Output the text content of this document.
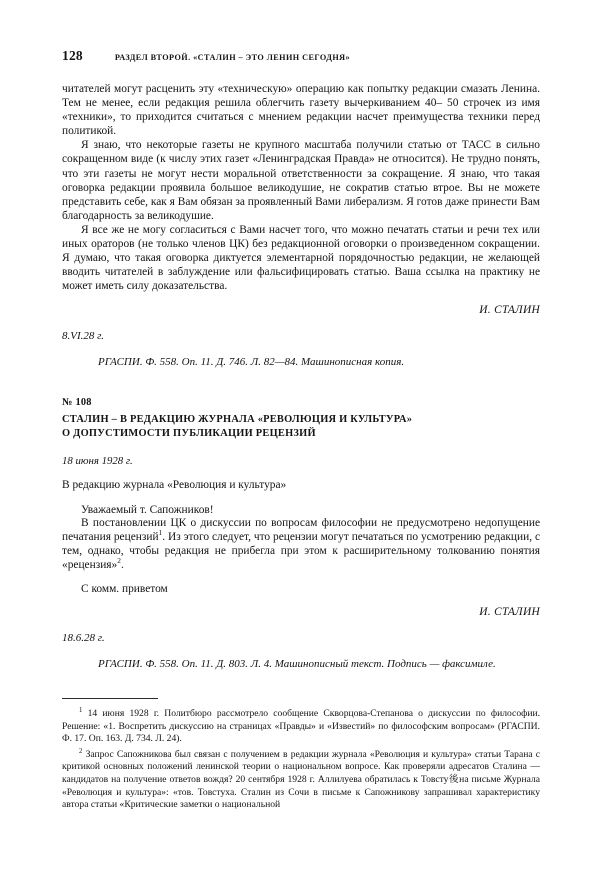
128	РАЗДЕЛ ВТОРОЙ. «СТАЛИН – ЭТО ЛЕНИН СЕГОДНЯ»

читателей могут расценить эту «техническую» операцию как попытку редакции смазать Ленина. Тем не менее, если редакция решила облегчить газету вычеркиванием 40– 50 строчек из имя «техники», то приходится считаться с мнением редакции насчет преимущества техники перед политикой.

Я знаю, что некоторые газеты не крупного масштаба получили статью от ТАСС в сильно сокращенном виде (к числу этих газет «Ленинградская Правда» не относится). Не трудно понять, что эти газеты не могут нести моральной ответственности за сокращение. Я знаю, что такая оговорка редакции проявила большое великодушие, не сократив статью втрое. Вы не можете представить себе, как я Вам обязан за проявленный Вами либерализм. Я готов даже принести Вам благодарность за великодушие.

Я все же не могу согласиться с Вами насчет того, что можно печатать статьи и речи тех или иных ораторов (не только членов ЦК) без редакционной оговорки о произведенном сокращении. Я думаю, что такая оговорка диктуется элементарной порядочностью редакции, не желающей вводить читателей в заблуждение или фальсифицировать статью. Ваша ссылка на практику не может иметь силу доказательства.

И. СТАЛИН
8.VI.28 г.
РГАСПИ. Ф. 558. Оп. 11. Д. 746. Л. 82—84. Машинописная копия.
№ 108
СТАЛИН – В РЕДАКЦИЮ ЖУРНАЛА «РЕВОЛЮЦИЯ И КУЛЬТУРА»
О ДОПУСТИМОСТИ ПУБЛИКАЦИИ РЕЦЕНЗИЙ
18 июня 1928 г.
В редакцию журнала «Революция и культура»
Уважаемый т. Сапожников!

В постановлении ЦК о дискуссии по вопросам философии не предусмотрено недопущение печатания рецензий$^1$. Из этого следует, что рецензии могут печататься по усмотрению редакции, с тем, однако, чтобы редакция не прибегла при этом к расширительному толкованию понятия «рецензия»$^2$.

С комм. приветом
И. СТАЛИН
18.6.28 г.
РГАСПИ. Ф. 558. Оп. 11. Д. 803. Л. 4. Машинописный текст. Подпись — факсимиле.

$^1$ 14 июня 1928 г. Политбюро рассмотрело сообщение Скворцова-Степанова о дискуссии по философии. Решение: «1. Воспретить дискуссию на страницах «Правды» и «Известий» по философским вопросам» (РГАСПИ. Ф. 17. Оп. 163. Д. 734. Л. 24).

$^2$ Запрос Сапожникова был связан с получением в редакции журнала «Революция и культура» статьи Тарана с критикой основных положений ленинской теории о национальном вопросе. Как проверяли адресатов Сталина — кандидатов на получение ответов вождя? 20 сентября 1928 г. Аллилуева обратилась к Товсту後на письме Журнала «Революция и культура»: «тов. Товстуха. Сталин из Сочи в письме к Сапожникову запрашивал характеристику автора статьи «Критические заметки о национальной
